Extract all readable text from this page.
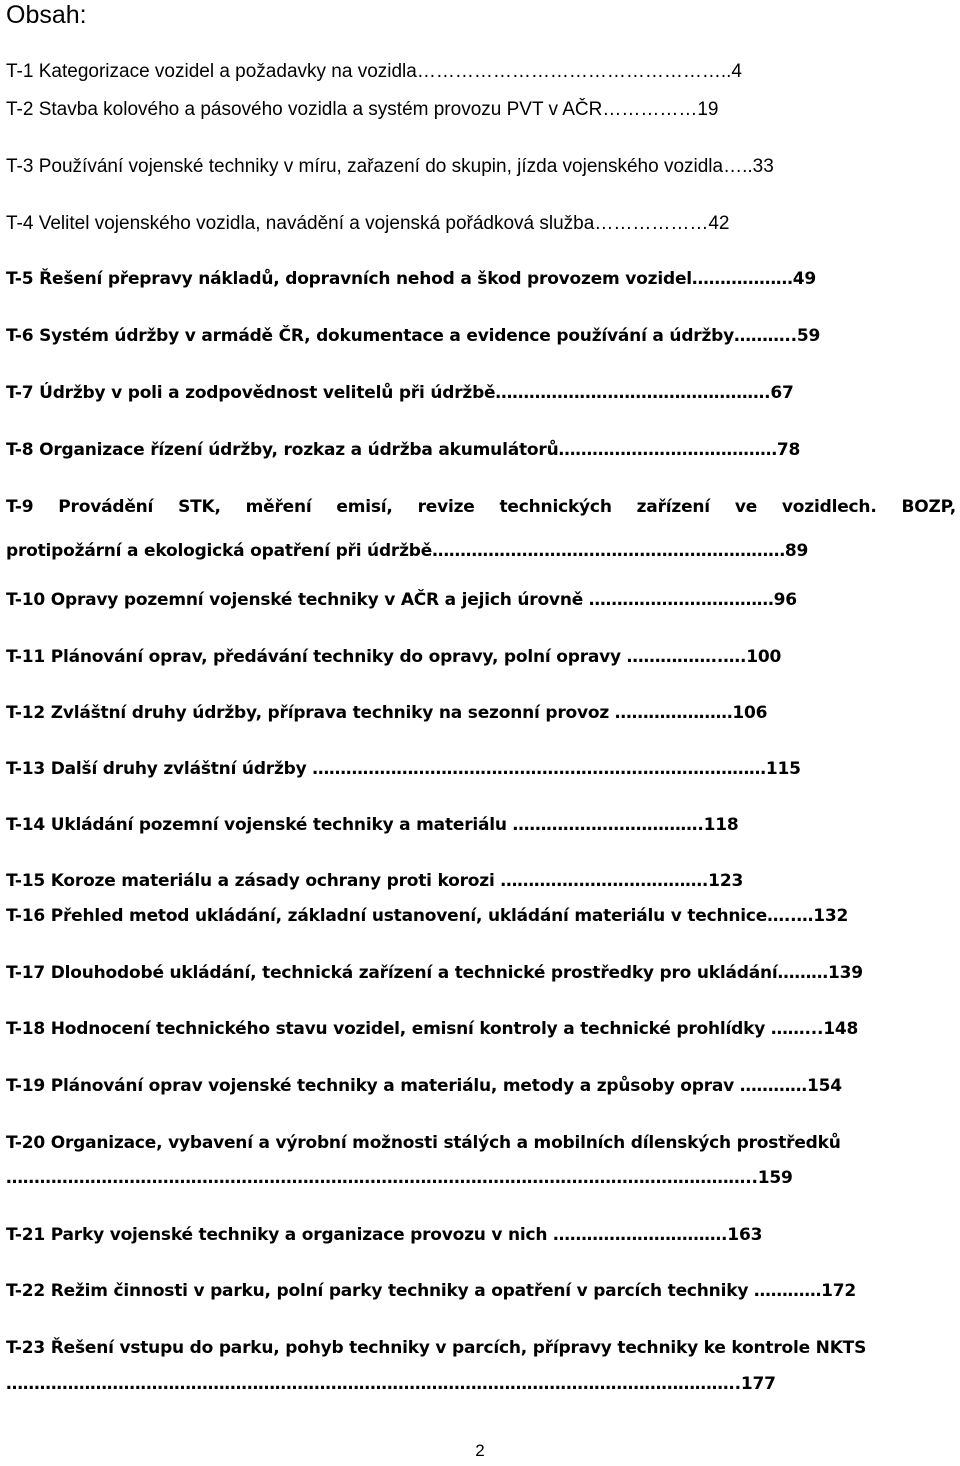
Obsah:
T-1 Kategorizace vozidel a požadavky na vozidla…………………………………………..4
T-2 Stavba kolového a pásového vozidla a systém provozu PVT v AČR……………19
T-3 Používání vojenské techniky v míru, zařazení do skupin, jízda vojenského vozidla…..33
T-4 Velitel vojenského vozidla, navádění a vojenská pořádková služba………………42
T-5 Řešení přepravy nákladů, dopravních nehod a škod provozem vozidel………………49
T-6 Systém údržby v armádě ČR, dokumentace a evidence používání a údržby………..59
T-7 Údržby v poli a zodpovědnost velitelů při údržbě………………………………………….67
T-8 Organizace řízení údržby, rozkaz a údržba akumulátorů…………………………………78
T-9 Provádění STK, měření emisí, revize technických zařízení ve vozidlech. BOZP,
protipožární a ekologická opatření při údržbě………………………………………………………89
T-10 Opravy pozemní vojenské techniky v AČR a jejich úrovně ……………………………96
T-11 Plánování oprav, předávání techniky do opravy, polní opravy ……………..….100
T-12 Zvláštní druhy údržby, příprava techniky na sezonní provoz …………………106
T-13 Další druhy zvláštní údržby ………………………………………………………………………115
T-14 Ukládání pozemní vojenské techniky a materiálu …………………………….118
T-15 Koroze materiálu a zásady ochrany proti korozi ……………………………….123
T-16 Přehled metod ukládání, základní ustanovení, ukládání materiálu v technice…..…132
T-17 Dlouhodobé ukládání, technická zařízení a technické prostředky pro ukládání………139
T-18 Hodnocení technického stavu vozidel, emisní kontroly a technické prohlídky ……...148
T-19 Plánování oprav vojenské techniky a materiálu, metody a způsoby oprav …………154
T-20 Organizace, vybavení a výrobní možnosti stálých a mobilních dílenských prostředků
……………………………………………………………………………………………………………………..159
T-21 Parky vojenské techniky a organizace provozu v nich ………………………….163
T-22 Režim činnosti v parku, polní parky techniky a opatření v parcích techniky …………172
T-23 Řešení vstupu do parku, pohyb techniky v parcích, přípravy techniky ke kontrole NKTS
…………………………………………………………………………………………………………………..177
2
